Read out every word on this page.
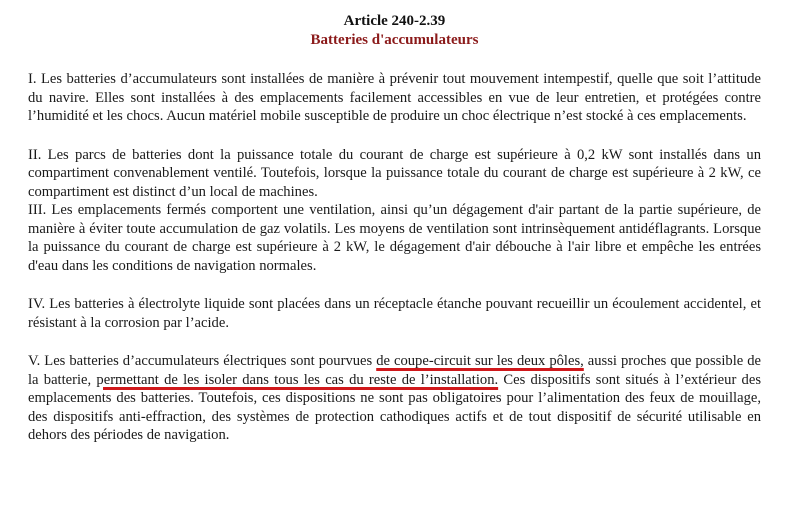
Article 240-2.39
Batteries d'accumulateurs

I. Les batteries d’accumulateurs sont installées de manière à prévenir tout mouvement intempestif, quelle que soit l’attitude du navire. Elles sont installées à des emplacements facilement accessibles en vue de leur entretien, et protégées contre l’humidité et les chocs. Aucun matériel mobile susceptible de produire un choc électrique n’est stocké à ces emplacements.

II. Les parcs de batteries dont la puissance totale du courant de charge est supérieure à 0,2 kW sont installés dans un compartiment convenablement ventilé. Toutefois, lorsque la puissance totale du courant de charge est supérieure à 2 kW, ce compartiment est distinct d’un local de machines.

III. Les emplacements fermés comportent une ventilation, ainsi qu’un dégagement d'air partant de la partie supérieure, de manière à éviter toute accumulation de gaz volatils. Les moyens de ventilation sont intrinsèquement antidéflagrants. Lorsque la puissance du courant de charge est supérieure à 2 kW, le dégagement d'air débouche à l'air libre et empêche les entrées d'eau dans les conditions de navigation normales.

IV. Les batteries à électrolyte liquide sont placées dans un réceptacle étanche pouvant recueillir un écoulement accidentel, et résistant à la corrosion par l’acide.

V. Les batteries d’accumulateurs électriques sont pourvues de coupe-circuit sur les deux pôles, aussi proches que possible de la batterie, permettant de les isoler dans tous les cas du reste de l’installation. Ces dispositifs sont situés à l’extérieur des emplacements des batteries. Toutefois, ces dispositions ne sont pas obligatoires pour l’alimentation des feux de mouillage, des dispositifs anti-effraction, des systèmes de protection cathodiques actifs et de tout dispositif de sécurité utilisable en dehors des périodes de navigation.
